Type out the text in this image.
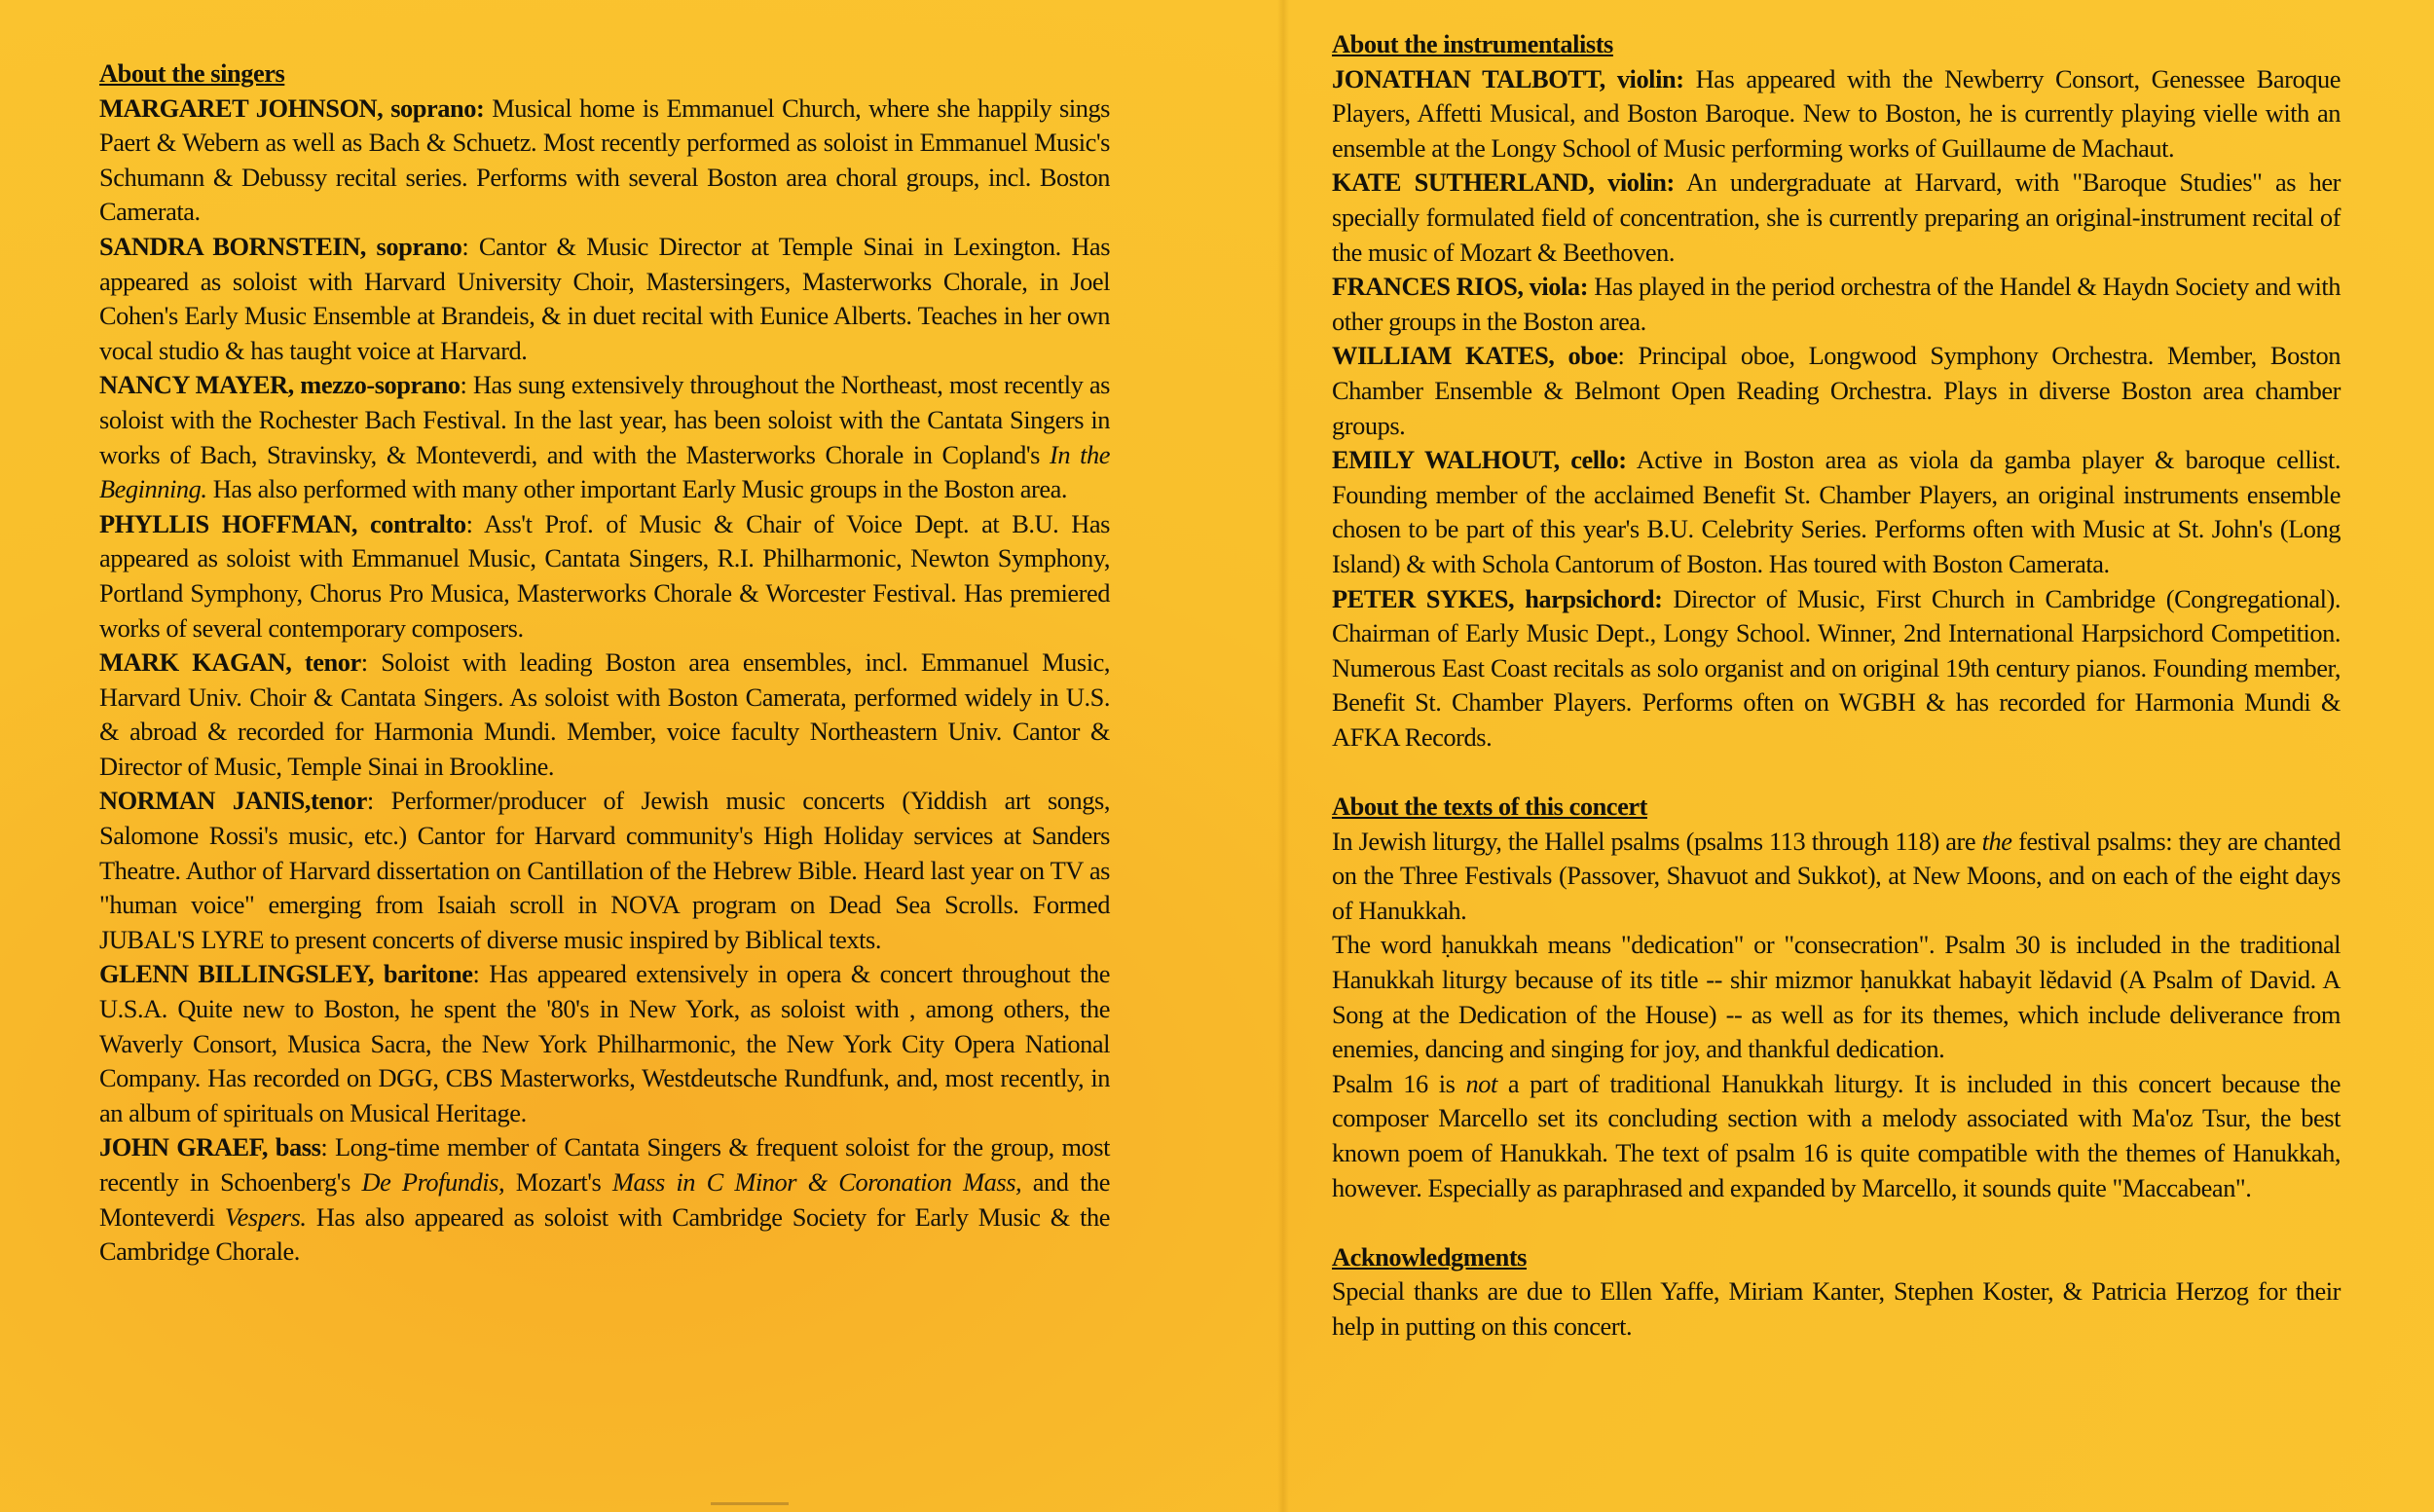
About the singers

MARGARET JOHNSON, soprano: Musical home is Emmanuel Church, where she happily sings Paert & Webern as well as Bach & Schuetz. Most recently performed as soloist in Emmanuel Music's Schumann & Debussy recital series. Performs with several Boston area choral groups, incl. Boston Camerata.

SANDRA BORNSTEIN, soprano: Cantor & Music Director at Temple Sinai in Lexington. Has appeared as soloist with Harvard University Choir, Mastersingers, Masterworks Chorale, in Joel Cohen's Early Music Ensemble at Brandeis, & in duet recital with Eunice Alberts. Teaches in her own vocal studio & has taught voice at Harvard.

NANCY MAYER, mezzo-soprano: Has sung extensively throughout the Northeast, most recently as soloist with the Rochester Bach Festival. In the last year, has been soloist with the Cantata Singers in works of Bach, Stravinsky, & Monteverdi, and with the Masterworks Chorale in Copland's In the Beginning. Has also performed with many other important Early Music groups in the Boston area.

PHYLLIS HOFFMAN, contralto: Ass't Prof. of Music & Chair of Voice Dept. at B.U. Has appeared as soloist with Emmanuel Music, Cantata Singers, R.I. Philharmonic, Newton Symphony, Portland Symphony, Chorus Pro Musica, Masterworks Chorale & Worcester Festival. Has premiered works of several contemporary composers.

MARK KAGAN, tenor: Soloist with leading Boston area ensembles, incl. Emmanuel Music, Harvard Univ. Choir & Cantata Singers. As soloist with Boston Camerata, performed widely in U.S. & abroad & recorded for Harmonia Mundi. Member, voice faculty Northeastern Univ. Cantor & Director of Music, Temple Sinai in Brookline.

NORMAN JANIS,tenor: Performer/producer of Jewish music concerts (Yiddish art songs, Salomone Rossi's music, etc.) Cantor for Harvard community's High Holiday services at Sanders Theatre. Author of Harvard dissertation on Cantillation of the Hebrew Bible. Heard last year on TV as "human voice" emerging from Isaiah scroll in NOVA program on Dead Sea Scrolls. Formed JUBAL'S LYRE to present concerts of diverse music inspired by Biblical texts.

GLENN BILLINGSLEY, baritone: Has appeared extensively in opera & concert throughout the U.S.A. Quite new to Boston, he spent the '80's in New York, as soloist with , among others, the Waverly Consort, Musica Sacra, the New York Philharmonic, the New York City Opera National Company. Has recorded on DGG, CBS Masterworks, Westdeutsche Rundfunk, and, most recently, in an album of spirituals on Musical Heritage.

JOHN GRAEF, bass: Long-time member of Cantata Singers & frequent soloist for the group, most recently in Schoenberg's De Profundis, Mozart's Mass in C Minor & Coronation Mass, and the Monteverdi Vespers. Has also appeared as soloist with Cambridge Society for Early Music & the Cambridge Chorale.

About the instrumentalists

JONATHAN TALBOTT, violin: Has appeared with the Newberry Consort, Genessee Baroque Players, Affetti Musical, and Boston Baroque. New to Boston, he is currently playing vielle with an ensemble at the Longy School of Music performing works of Guillaume de Machaut.

KATE SUTHERLAND, violin: An undergraduate at Harvard, with "Baroque Studies" as her specially formulated field of concentration, she is currently preparing an original-instrument recital of the music of Mozart & Beethoven.

FRANCES RIOS, viola: Has played in the period orchestra of the Handel & Haydn Society and with other groups in the Boston area.

WILLIAM KATES, oboe: Principal oboe, Longwood Symphony Orchestra. Member, Boston Chamber Ensemble & Belmont Open Reading Orchestra. Plays in diverse Boston area chamber groups.

EMILY WALHOUT, cello: Active in Boston area as viola da gamba player & baroque cellist. Founding member of the acclaimed Benefit St. Chamber Players, an original instruments ensemble chosen to be part of this year's B.U. Celebrity Series. Performs often with Music at St. John's (Long Island) & with Schola Cantorum of Boston. Has toured with Boston Camerata.

PETER SYKES, harpsichord: Director of Music, First Church in Cambridge (Congregational). Chairman of Early Music Dept., Longy School. Winner, 2nd International Harpsichord Competition. Numerous East Coast recitals as solo organist and on original 19th century pianos. Founding member, Benefit St. Chamber Players. Performs often on WGBH & has recorded for Harmonia Mundi & AFKA Records.

About the texts of this concert

In Jewish liturgy, the Hallel psalms (psalms 113 through 118) are the festival psalms: they are chanted on the Three Festivals (Passover, Shavuot and Sukkot), at New Moons, and on each of the eight days of Hanukkah.

The word ḥanukkah means "dedication" or "consecration". Psalm 30 is included in the traditional Hanukkah liturgy because of its title -- shir mizmor ḥanukkat habayit lĕdavid (A Psalm of David. A Song at the Dedication of the House) -- as well as for its themes, which include deliverance from enemies, dancing and singing for joy, and thankful dedication.

Psalm 16 is not a part of traditional Hanukkah liturgy. It is included in this concert because the composer Marcello set its concluding section with a melody associated with Ma'oz Tsur, the best known poem of Hanukkah. The text of psalm 16 is quite compatible with the themes of Hanukkah, however. Especially as paraphrased and expanded by Marcello, it sounds quite "Maccabean".

Acknowledgments

Special thanks are due to Ellen Yaffe, Miriam Kanter, Stephen Koster, & Patricia Herzog for their help in putting on this concert.
